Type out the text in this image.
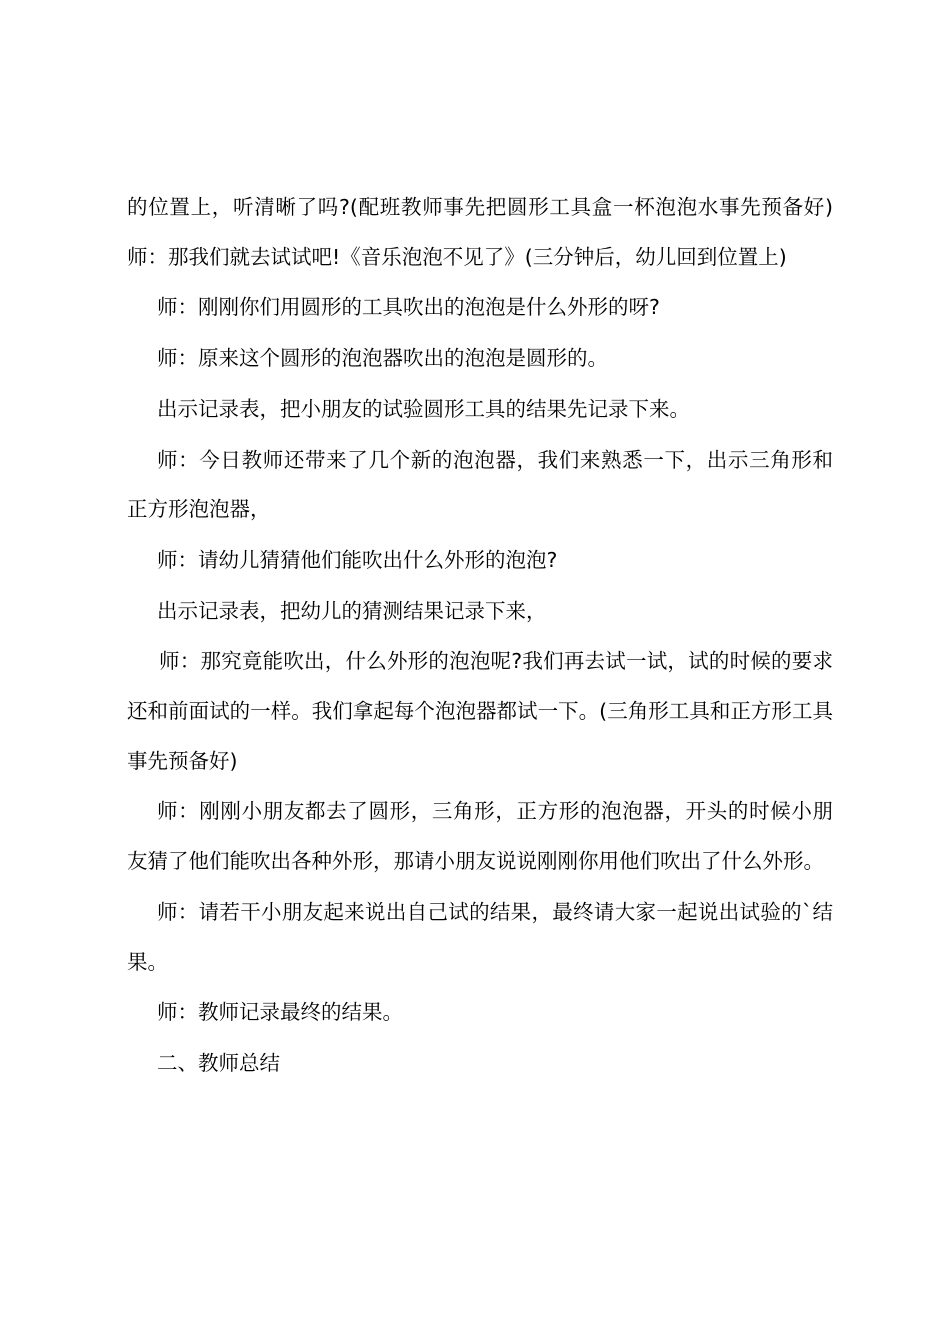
的位置上，听清晰了吗?(配班教师事先把圆形工具盒一杯泡泡水事先预备好)师：那我们就去试试吧!《音乐泡泡不见了》(三分钟后，幼儿回到位置上)

师：刚刚你们用圆形的工具吹出的泡泡是什么外形的呀?

师：原来这个圆形的泡泡器吹出的泡泡是圆形的。

出示记录表，把小朋友的试验圆形工具的结果先记录下来。

师：今日教师还带来了几个新的泡泡器，我们来熟悉一下，出示三角形和正方形泡泡器，

师：请幼儿猜猜他们能吹出什么外形的泡泡?

出示记录表，把幼儿的猜测结果记录下来，

师：那究竟能吹出，什么外形的泡泡呢?我们再去试一试，试的时候的要求还和前面试的一样。我们拿起每个泡泡器都试一下。(三角形工具和正方形工具事先预备好)

师：刚刚小朋友都去了圆形，三角形，正方形的泡泡器，开头的时候小朋友猜了他们能吹出各种外形，那请小朋友说说刚刚你用他们吹出了什么外形。

师：请若干小朋友起来说出自己试的结果，最终请大家一起说出试验的`结果。

师：教师记录最终的结果。

二、教师总结
